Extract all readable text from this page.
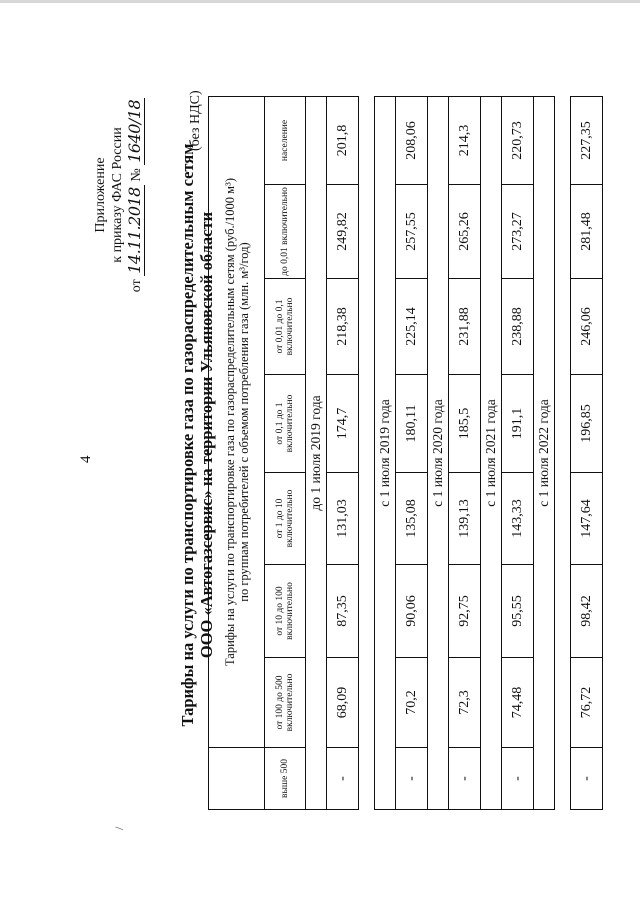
/
4
Приложение к приказу ФАС России
от 14.11.2018 № 1640/18
Тарифы на услуги по транспортировке газа по газораспределительным сетям ООО «Автогазсервис» на территории Ульяновской области
(без НДС)

	Тарифы на услуги по транспортировке газа по газораспределительным сетям (руб./1000 м³) по группам потребителей с объемом потребления газа (млн. м³/год)						

выше 500	от 100 до 500 включительно	от 10 до 100 включительно	от 1 до 10 включительно	от 0,1 до 1 включительно	от 0,01 до 0,1 включительно	до 0,01 включительно	население
до 1 июля 2019 года							
-	68,09	87,35	131,03	174,7	218,38	249,82	201,8

с 1 июля 2019 года							
-	70,2	90,06	135,08	180,11	225,14	257,55	208,06
с 1 июля 2020 года							
-	72,3	92,75	139,13	185,5	231,88	265,26	214,3
с 1 июля 2021 года							
-	74,48	95,55	143,33	191,1	238,88	273,27	220,73
с 1 июля 2022 года							

-	76,72	98,42	147,64	196,85	246,06	281,48	227,35
